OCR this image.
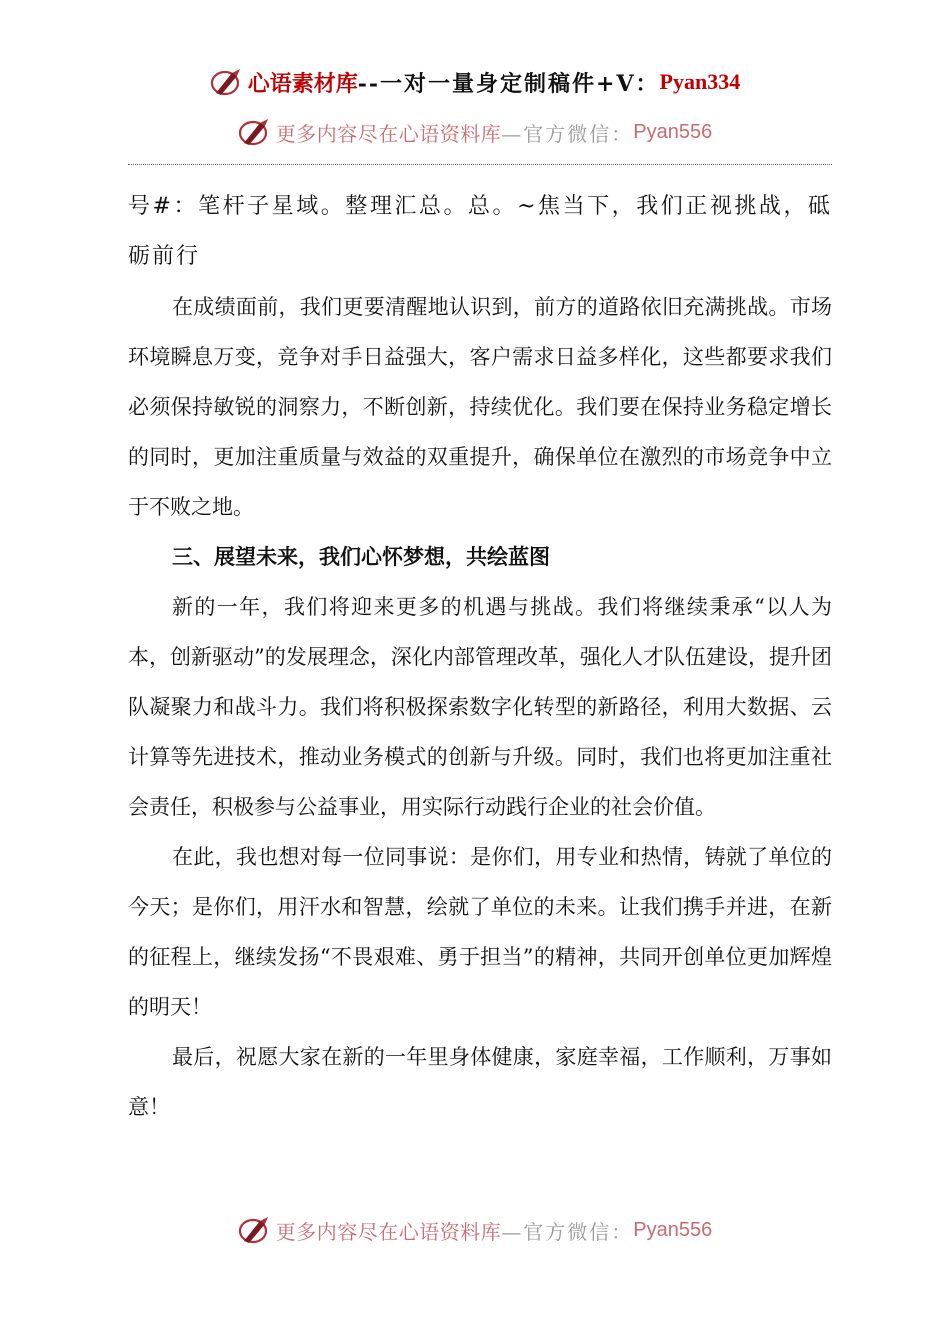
心语素材库 --一对一量身定制稿件+V： Pyan334
更多内容尽在心语资料库 —官方微信： Pyan556

号#：笔杆子星域。整理汇总。总。~焦当下，我们正视挑战，砥砺前行

在成绩面前，我们更要清醒地认识到，前方的道路依旧充满挑战。市场环境瞬息万变，竞争对手日益强大，客户需求日益多样化，这些都要求我们必须保持敏锐的洞察力，不断创新，持续优化。我们要在保持业务稳定增长的同时，更加注重质量与效益的双重提升，确保单位在激烈的市场竞争中立于不败之地。

三、展望未来，我们心怀梦想，共绘蓝图

新的一年，我们将迎来更多的机遇与挑战。我们将继续秉承“以人为本，创新驱动”的发展理念，深化内部管理改革，强化人才队伍建设，提升团队凝聚力和战斗力。我们将积极探索数字化转型的新路径，利用大数据、云计算等先进技术，推动业务模式的创新与升级。同时，我们也将更加注重社会责任，积极参与公益事业，用实际行动践行企业的社会价值。

在此，我也想对每一位同事说：是你们，用专业和热情，铸就了单位的今天；是你们，用汗水和智慧，绘就了单位的未来。让我们携手并进，在新的征程上，继续发扬“不畏艰难、勇于担当”的精神，共同开创单位更加辉煌的明天！

最后，祝愿大家在新的一年里身体健康，家庭幸福，工作顺利，万事如意！

更多内容尽在心语资料库 —官方微信： Pyan556
